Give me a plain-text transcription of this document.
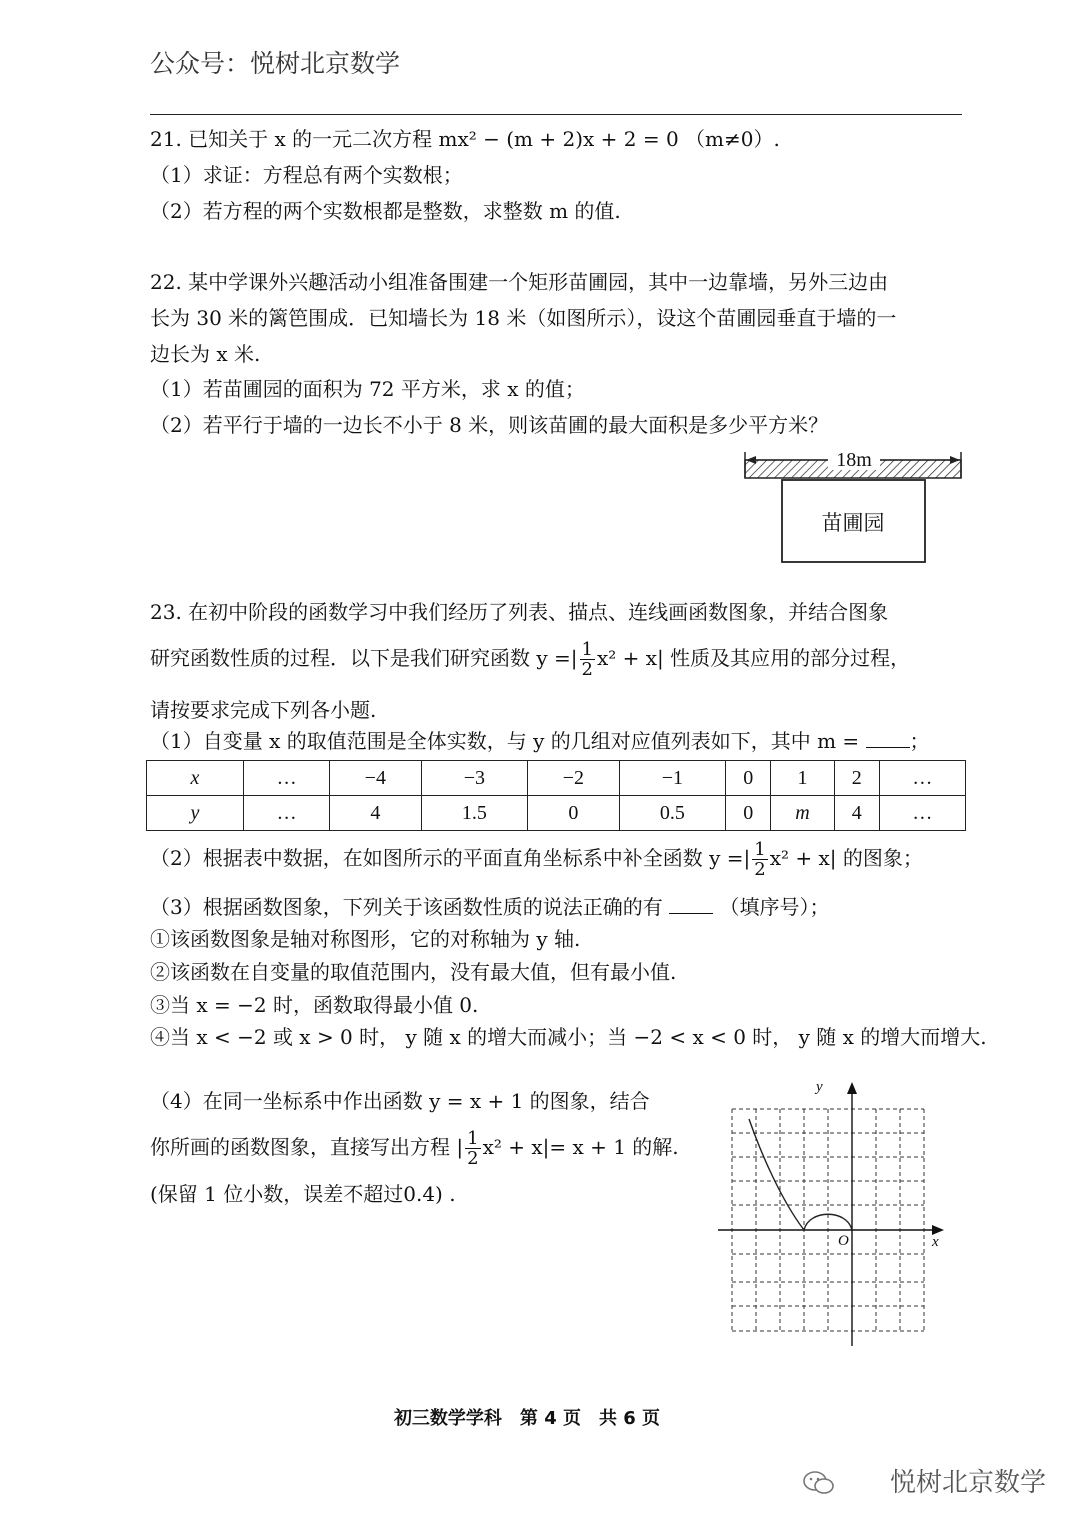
公众号：悦树北京数学
21. 已知关于 x 的一元二次方程 mx² − (m + 2)x + 2 = 0 （m≠0）.
（1）求证：方程总有两个实数根；
（2）若方程的两个实数根都是整数，求整数 m 的值.
22. 某中学课外兴趣活动小组准备围建一个矩形苗圃园，其中一边靠墙，另外三边由
长为 30 米的篱笆围成．已知墙长为 18 米（如图所示），设这个苗圃园垂直于墙的一
边长为 x 米.
（1）若苗圃园的面积为 72 平方米，求 x 的值；
（2）若平行于墙的一边长不小于 8 米，则该苗圃的最大面积是多少平方米？
18m
苗圃园
23. 在初中阶段的函数学习中我们经历了列表、描点、连线画函数图象，并结合图象
研究函数性质的过程．以下是我们研究函数 y =| $\frac{1}{2} x^2 + x|$ 性质及其应用的部分过程，
请按要求完成下列各小题.
（1）自变量 x 的取值范围是全体实数，与 y 的几组对应值列表如下，其中 m =	；
x	…	−4	−3	−2	−1	0	1	2	…
y	…	4	1.5	0	0.5	0	m	4	…
（2）根据表中数据，在如图所示的平面直角坐标系中补全函数 y =| $\frac{1}{2} x^2 + x|$ 的图象；
（3）根据函数图象，下列关于该函数性质的说法正确的有	（填序号）；
①该函数图象是轴对称图形，它的对称轴为 y 轴.
②该函数在自变量的取值范围内，没有最大值，但有最小值.
③当 x = −2 时，函数取得最小值 0.
④当 x < −2 或 x > 0 时， y 随 x 的增大而减小；当 −2 < x < 0 时， y 随 x 的增大而增大.
（4）在同一坐标系中作出函数 y = x + 1 的图象，结合
你所画的函数图象，直接写出方程 | $\frac{1}{2} x^2 + x|= x + 1$ 的解.
(保留 1 位小数，误差不超过0.4) .
y
x
O
初三数学学科　第 4 页　共 6 页
悦树北京数学
